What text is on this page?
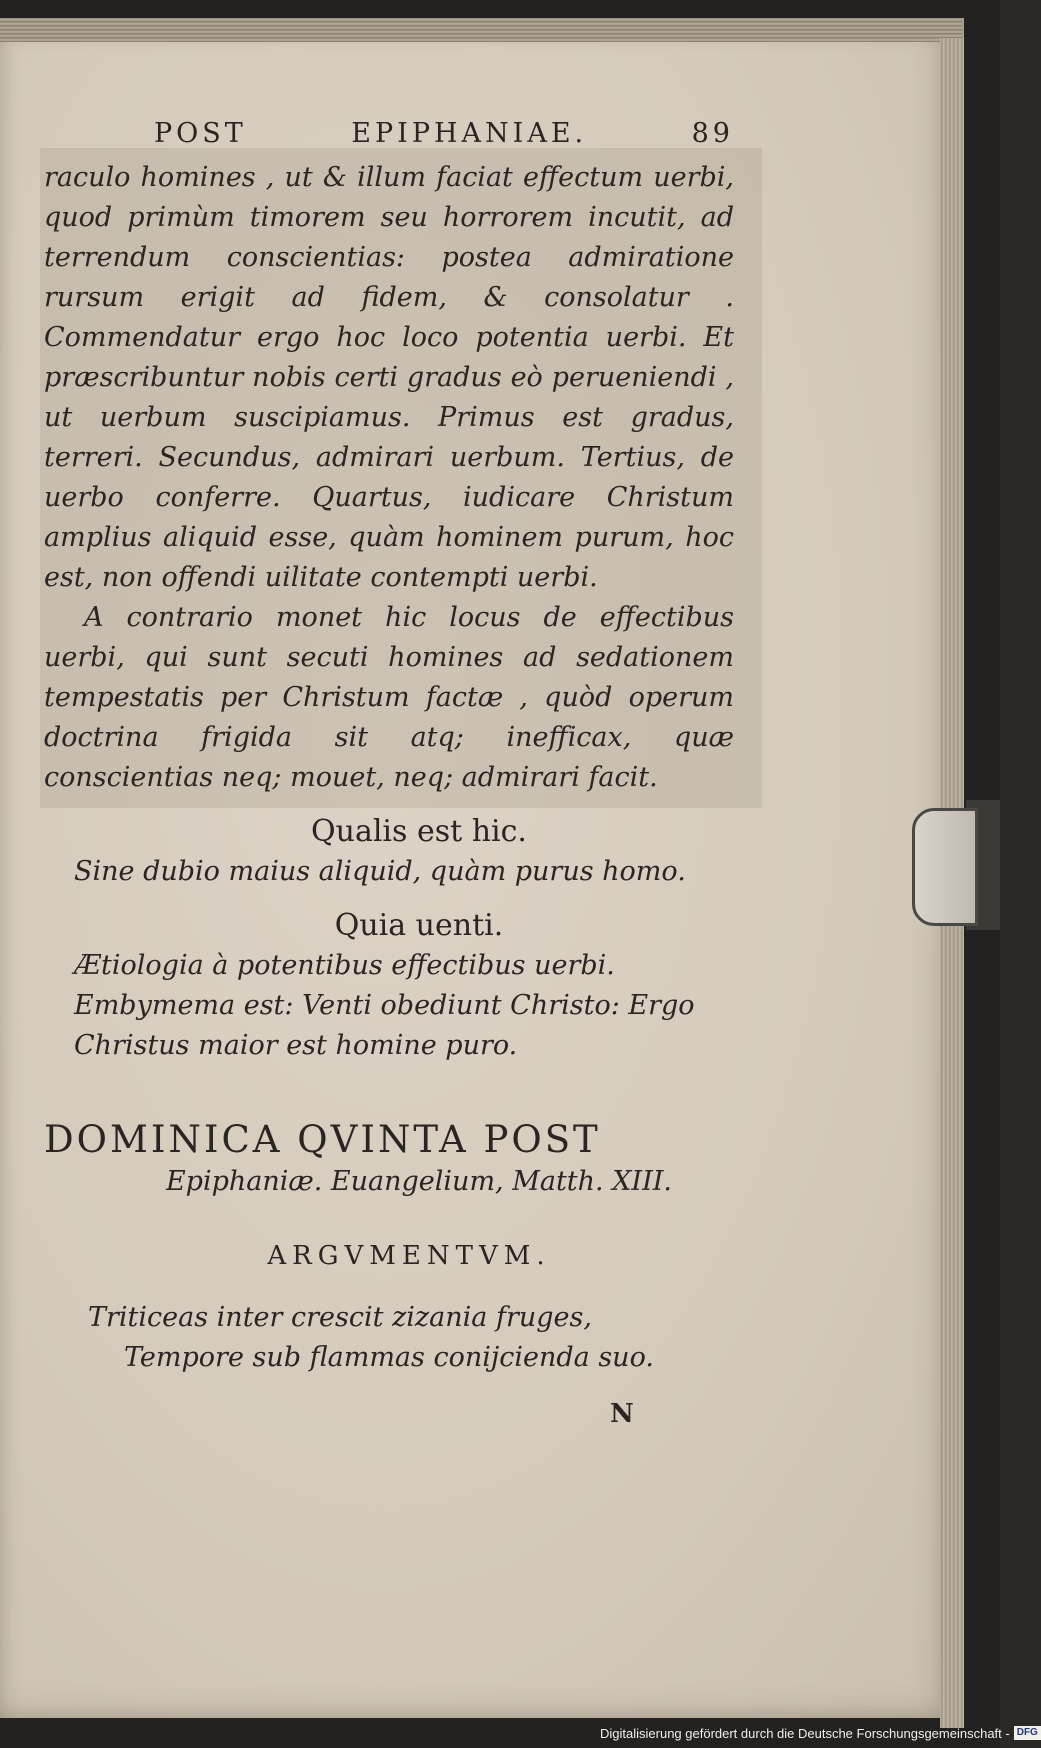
POST	EPIPHANIAE.	89

raculo homines , ut & illum faciat effectum uerbi, quod primùm timorem seu horrorem incutit, ad terrendum conscientias: postea admiratione rursum erigit ad fidem, & consolatur . Commendatur ergo hoc loco potentia uerbi. Et præscribuntur nobis certi gradus eò perueniendi , ut uerbum suscipiamus. Primus est gradus, terreri. Secundus, admirari uerbum. Tertius, de uerbo conferre. Quartus, iudicare Christum amplius aliquid esse, quàm hominem purum, hoc est, non offendi uilitate contempti uerbi.

A contrario monet hic locus de effectibus uerbi, qui sunt secuti homines ad sedationem tempestatis per Christum factæ , quòd operum doctrina frigida sit atq; inefficax, quæ conscientias neq; mouet, neq; admirari facit.

Qualis est hic.

Sine dubio maius aliquid, quàm purus homo.

Quia uenti.

Ætiologia à potentibus effectibus uerbi. Embymema est: Venti obediunt Christo: Ergo Christus maior est homine puro.

DOMINICA QVINTA POST

Epiphaniæ. Euangelium, Matth. XIII.

ARGVMENTVM.

Triticeas inter crescit zizania fruges,

Tempore sub flammas conijcienda suo.

N
Digitalisierung gefördert durch die Deutsche Forschungsgemeinschaft - DFG
